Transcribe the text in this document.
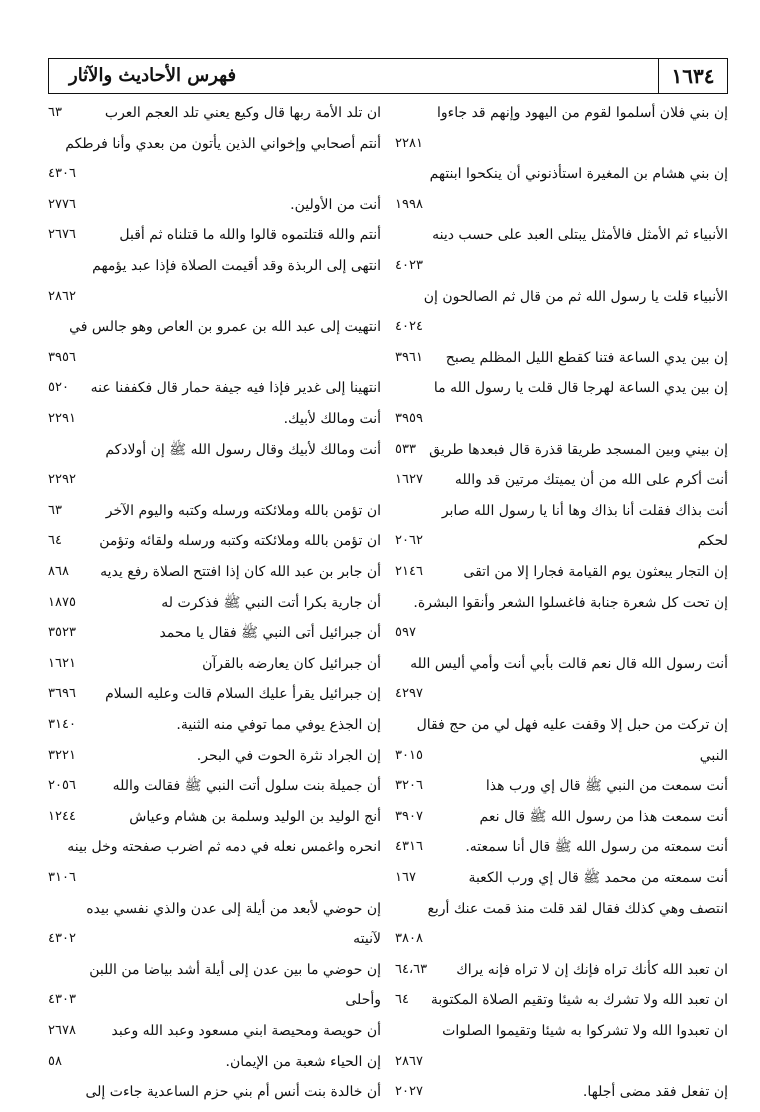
فهرس الأحاديث والآثار	١٦٣٤
إن بني فلان أسلموا لقوم من اليهود وإنهم قد جاءوا
٢٢٨١
إن بني هشام بن المغيرة استأذنوني أن ينكحوا ابنتهم
١٩٩٨
الأنبياء ثم الأمثل فالأمثل يبتلى العبد على حسب دينه
٤٠٢٣
الأنبياء قلت يا رسول الله ثم من قال ثم الصالحون إن
٤٠٢٤
إن بين يدي الساعة فتنا كقطع الليل المظلم يصبح
٣٩٦١
إن بين يدي الساعة لهرجا قال قلت يا رسول الله ما
٣٩٥٩
إن بيني وبين المسجد طريقا قذرة قال فبعدها طريق
٥٣٣
أنت أكرم على الله من أن يميتك مرتين قد والله
١٦٢٧
أنت بذاك فقلت أنا بذاك وها أنا يا رسول الله صابر
لحكم
٢٠٦٢
إن التجار يبعثون يوم القيامة فجارا إلا من اتقى
٢١٤٦
إن تحت كل شعرة جنابة فاغسلوا الشعر وأنقوا البشرة.
٥٩٧
أنت رسول الله قال نعم قالت بأبي أنت وأمي أليس الله
٤٢٩٧
إن تركت من حبل إلا وقفت عليه فهل لي من حج فقال
النبي
٣٠١٥
أنت سمعت من النبي ﷺ قال إي ورب هذا
٣٢٠٦
أنت سمعت هذا من رسول الله ﷺ قال نعم
٣٩٠٧
أنت سمعته من رسول الله ﷺ قال أنا سمعته.
٤٣١٦
أنت سمعته من محمد ﷺ قال إي ورب الكعبة
١٦٧
انتصف وهي كذلك فقال لقد قلت منذ قمت عنك أربع
٣٨٠٨
ان تعبد الله كأنك تراه فإنك إن لا تراه فإنه يراك
٦٤،٦٣
ان تعبد الله ولا تشرك به شيئا وتقيم الصلاة المكتوبة
٦٤
ان تعبدوا الله ولا تشركوا به شيئا وتقيموا الصلوات
٢٨٦٧
إن تفعل فقد مضى أجلها.
٢٠٢٧
ان تلد الأمة ربها قال وكيع يعني تلد العجم العرب
٦٣
أنتم أصحابي وإخواني الذين يأتون من بعدي وأنا فرطكم
٤٣٠٦
أنت من الأولين.
٢٧٧٦
أنتم والله قتلتموه قالوا والله ما قتلناه ثم أقبل
٢٦٧٦
انتهى إلى الربذة وقد أقيمت الصلاة فإذا عبد يؤمهم
٢٨٦٢
انتهيت إلى عبد الله بن عمرو بن العاص وهو جالس في
٣٩٥٦
انتهينا إلى غدير فإذا فيه جيفة حمار قال فكففنا عنه
٥٢٠
أنت ومالك لأبيك.
٢٢٩١
أنت ومالك لأبيك وقال رسول الله ﷺ إن أولادكم
٢٢٩٢
ان تؤمن بالله وملائكته ورسله وكتبه واليوم الآخر
٦٣
ان تؤمن بالله وملائكته وكتبه ورسله ولقائه وتؤمن
٦٤
أن جابر بن عبد الله كان إذا افتتح الصلاة رفع يديه
٨٦٨
أن جارية بكرا أتت النبي ﷺ فذكرت له
١٨٧٥
أن جبرائيل أتى النبي ﷺ فقال يا محمد
٣٥٢٣
أن جبرائيل كان يعارضه بالقرآن
١٦٢١
إن جبرائيل يقرأ عليك السلام قالت وعليه السلام
٣٦٩٦
إن الجذع يوفي مما توفي منه الثنية.
٣١٤٠
إن الجراد نثرة الحوت في البحر.
٣٢٢١
أن جميلة بنت سلول أتت النبي ﷺ فقالت والله
٢٠٥٦
أنج الوليد بن الوليد وسلمة بن هشام وعياش
١٢٤٤
انحره واغمس نعله في دمه ثم اضرب صفحته وخل بينه
٣١٠٦
إن حوضي لأبعد من أيلة إلى عدن والذي نفسي بيده
لآنيته
٤٣٠٢
إن حوضي ما بين عدن إلى أيلة أشد بياضا من اللبن
وأحلى
٤٣٠٣
أن حويصة ومحيصة ابني مسعود وعبد الله وعبد
٢٦٧٨
إن الحياء شعبة من الإيمان.
٥٨
أن خالدة بنت أنس أم بني حزم الساعدية جاءت إلى
